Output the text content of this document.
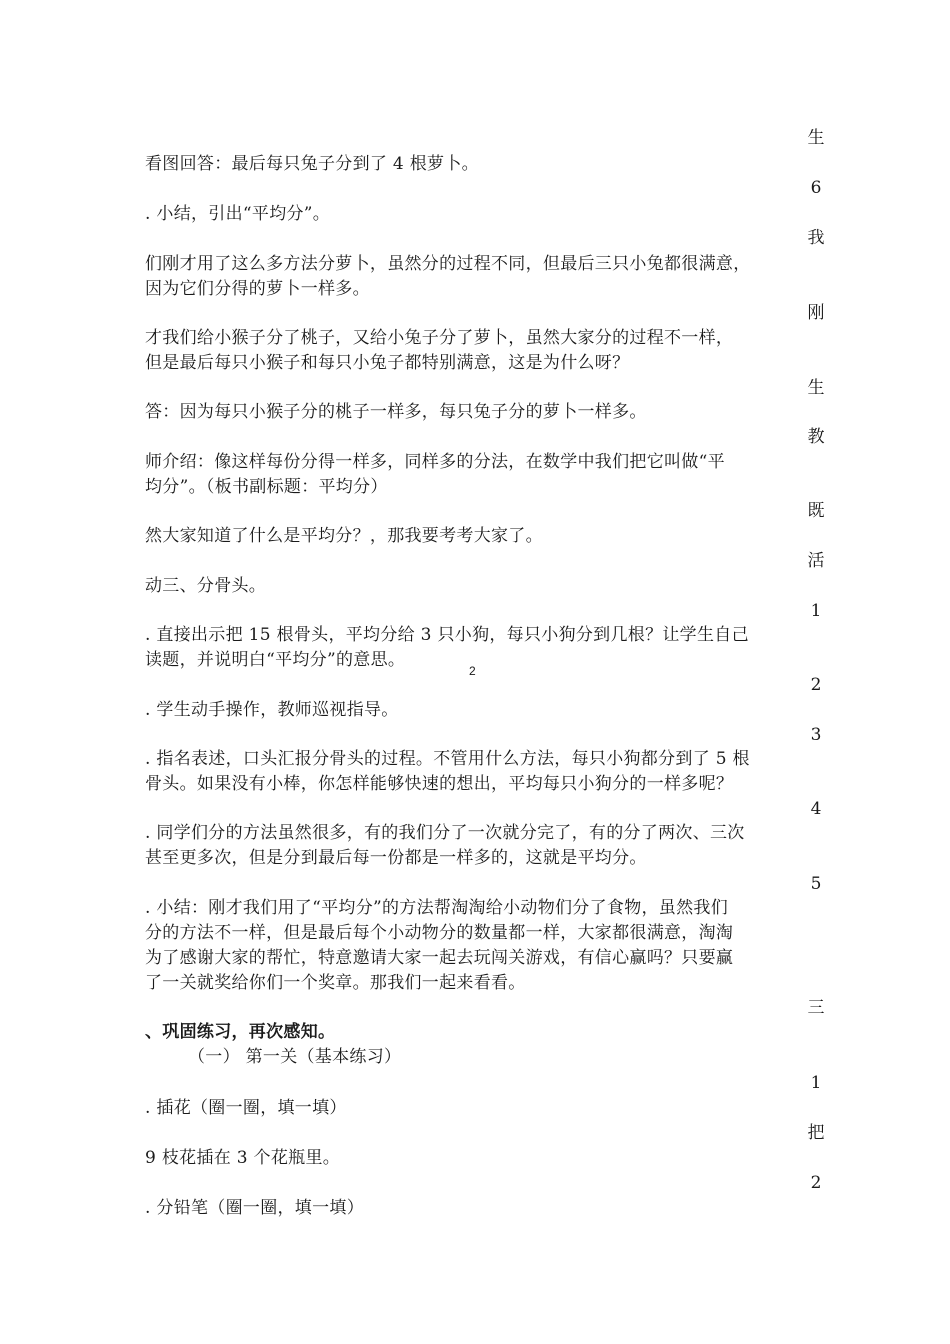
看图回答：最后每只兔子分到了 4 根萝卜。
. 小结，引出“平均分”。
们刚才用了这么多方法分萝卜，虽然分的过程不同，但最后三只小兔都很满意，
因为它们分得的萝卜一样多。
才我们给小猴子分了桃子，又给小兔子分了萝卜，虽然大家分的过程不一样，
但是最后每只小猴子和每只小兔子都特别满意，这是为什么呀？
答：因为每只小猴子分的桃子一样多，每只兔子分的萝卜一样多。
师介绍：像这样每份分得一样多，同样多的分法，在数学中我们把它叫做“平
均分”。（板书副标题：平均分）
然大家知道了什么是平均分？，那我要考考大家了。
动三、分骨头。
. 直接出示把 15 根骨头，平均分给 3 只小狗，每只小狗分到几根？让学生自己
读题，并说明白“平均分”的意思。
. 学生动手操作，教师巡视指导。
. 指名表述，口头汇报分骨头的过程。不管用什么方法，每只小狗都分到了 5 根
骨头。如果没有小棒，你怎样能够快速的想出，平均每只小狗分的一样多呢？
. 同学们分的方法虽然很多，有的我们分了一次就分完了，有的分了两次、三次
甚至更多次，但是分到最后每一份都是一样多的，这就是平均分。
. 小结：刚才我们用了“平均分”的方法帮淘淘给小动物们分了食物，虽然我们
分的方法不一样，但是最后每个小动物分的数量都一样，大家都很满意，淘淘
为了感谢大家的帮忙，特意邀请大家一起去玩闯关游戏，有信心赢吗？只要赢
了一关就奖给你们一个奖章。那我们一起来看看。
、巩固练习，再次感知。
（一） 第一关（基本练习）
. 插花（圈一圈，填一填）
9 枝花插在 3 个花瓶里。
. 分铅笔（圈一圈，填一填）
2
生
6
我
刚
生
教
既
活
1
2
3
4
5
三
1
把
2
